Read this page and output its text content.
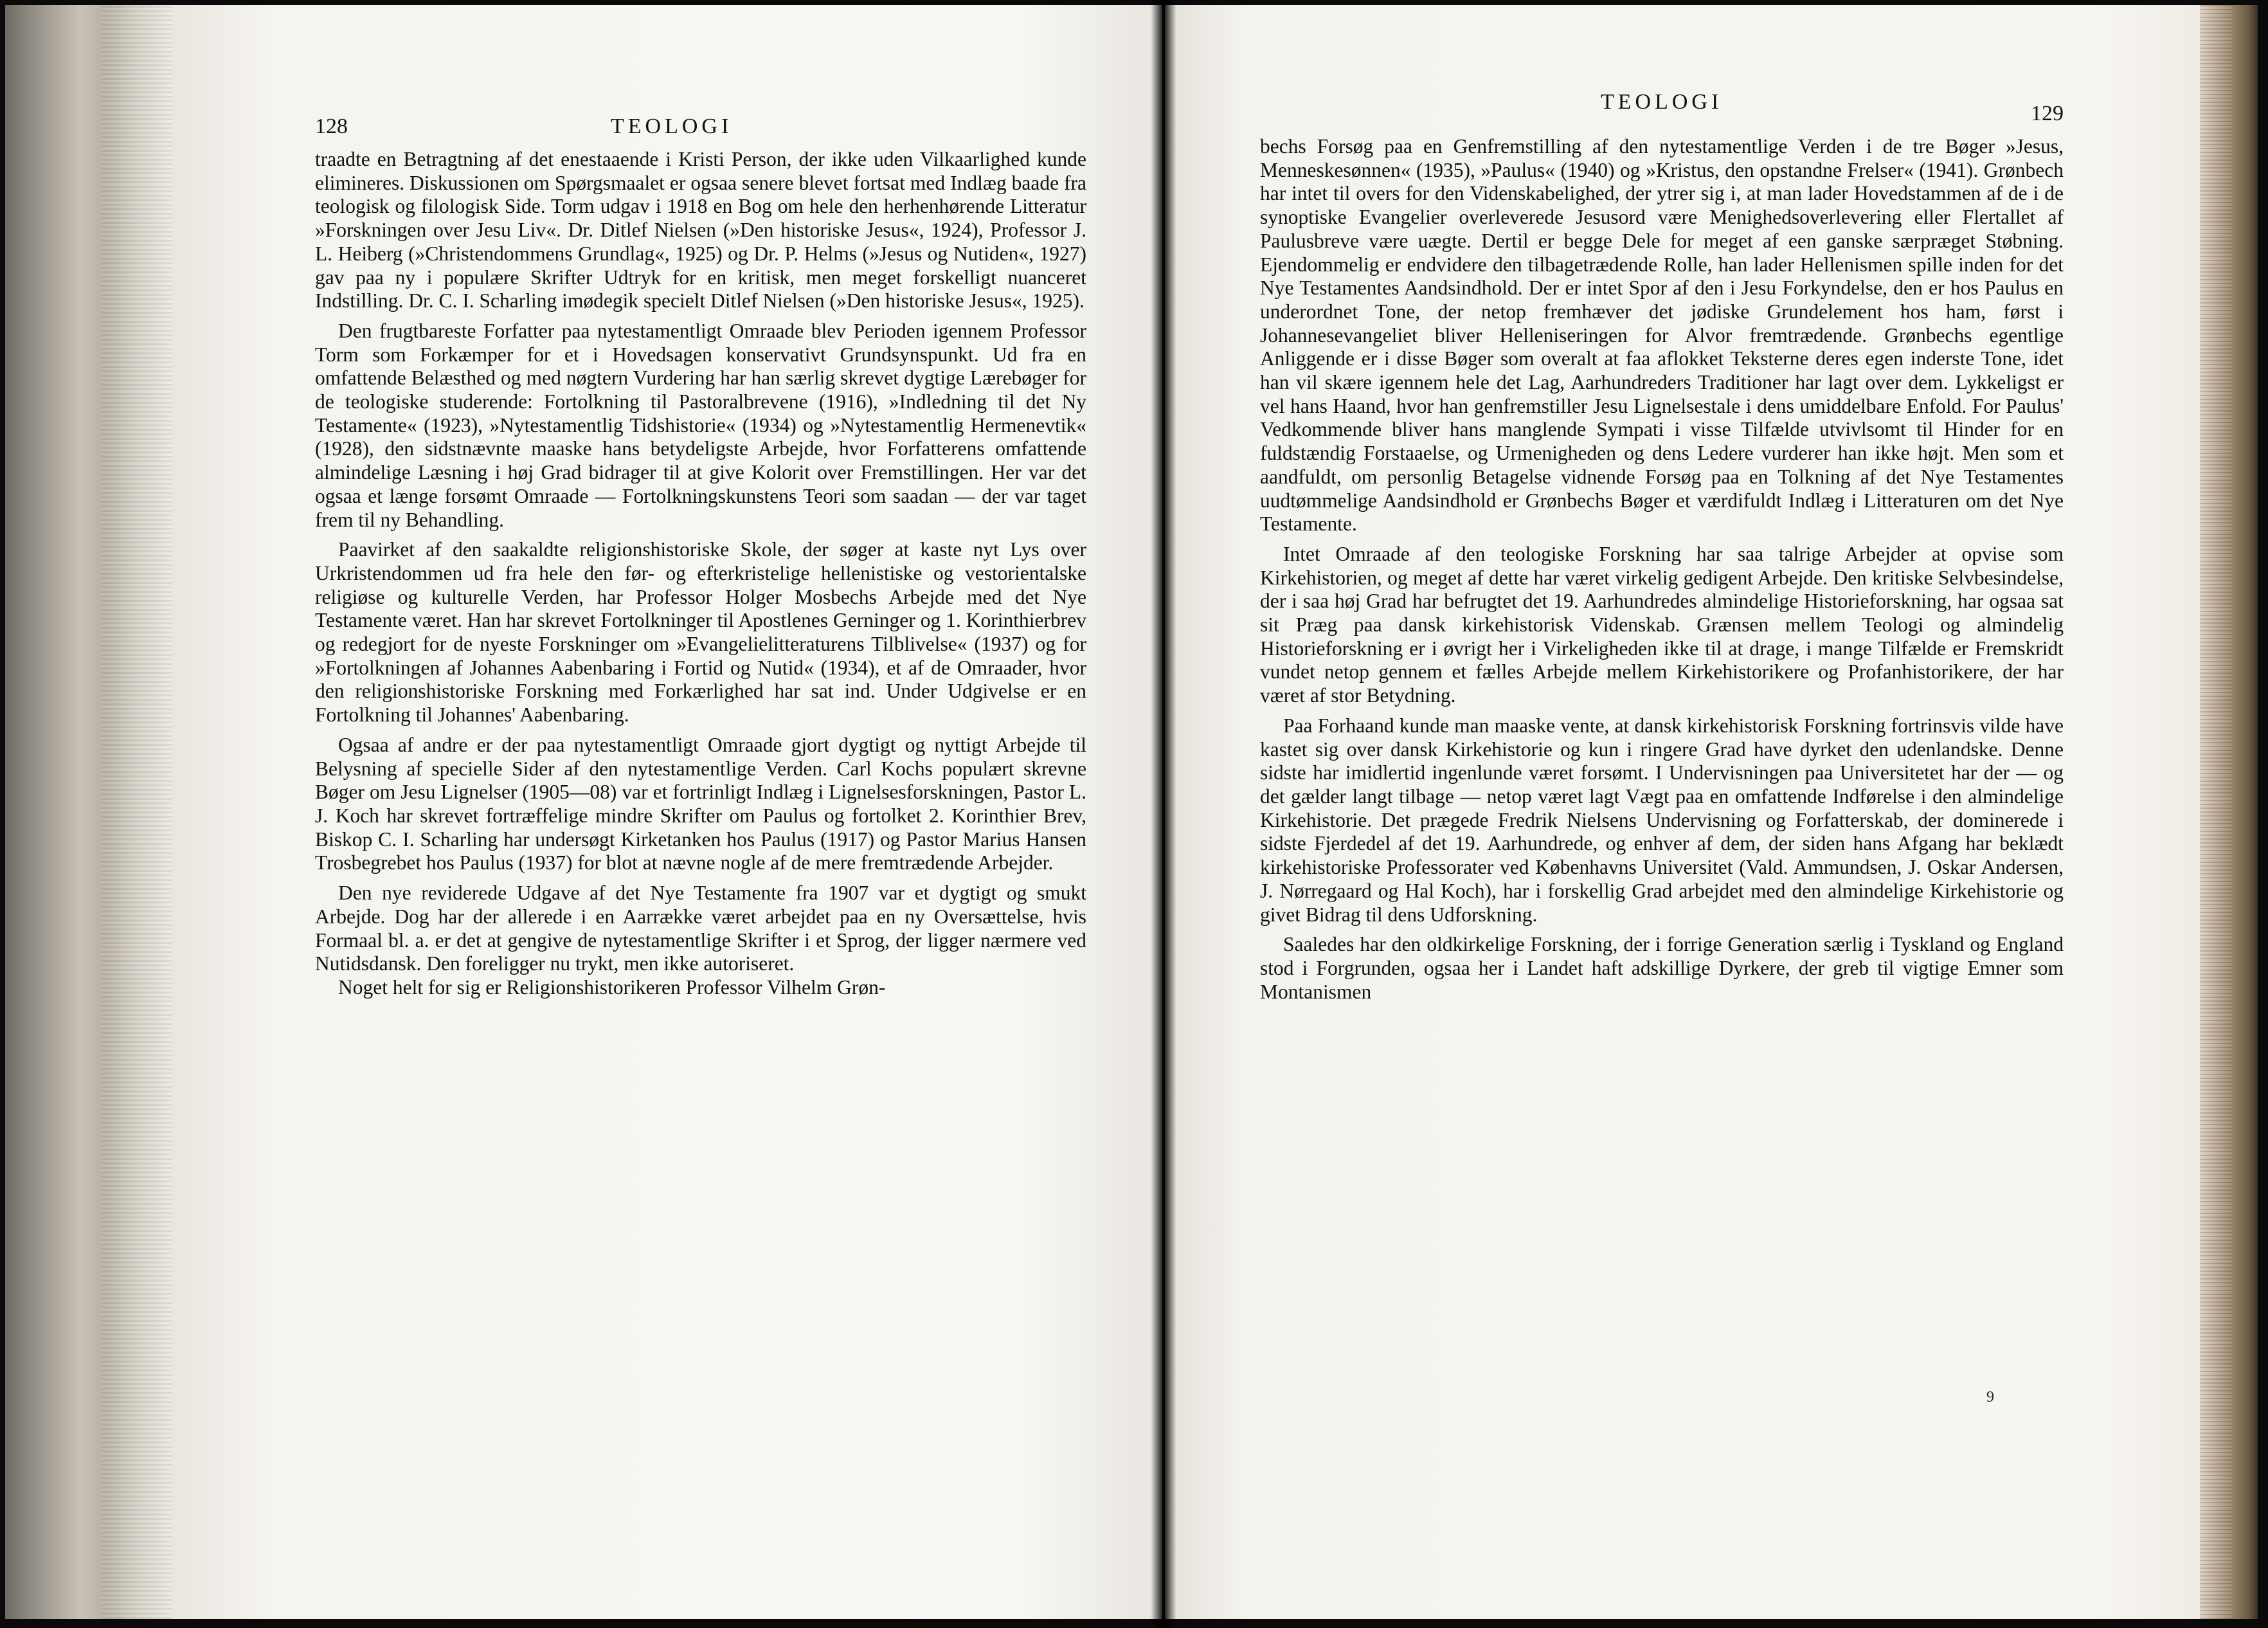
128	TEOLOGI

traadte en Betragtning af det enestaaende i Kristi Person, der ikke uden Vilkaarlighed kunde elimineres. Diskussionen om Spørgsmaalet er ogsaa senere blevet fortsat med Indlæg baade fra teologisk og filologisk Side. Torm udgav i 1918 en Bog om hele den herhenhørende Litteratur »Forskningen over Jesu Liv«. Dr. Ditlef Nielsen (»Den historiske Jesus«, 1924), Professor J. L. Heiberg (»Christendommens Grundlag«, 1925) og Dr. P. Helms (»Jesus og Nutiden«, 1927) gav paa ny i populære Skrifter Udtryk for en kritisk, men meget forskelligt nuanceret Indstilling. Dr. C. I. Scharling imødegik specielt Ditlef Nielsen (»Den historiske Jesus«, 1925).

Den frugtbareste Forfatter paa nytestamentligt Omraade blev Perioden igennem Professor Torm som Forkæmper for et i Hovedsagen konservativt Grundsynspunkt. Ud fra en omfattende Belæsthed og med nøgtern Vurdering har han særlig skrevet dygtige Lærebøger for de teologiske studerende: Fortolkning til Pastoralbrevene (1916), »Indledning til det Ny Testamente« (1923), »Nytestamentlig Tidshistorie« (1934) og »Nytestamentlig Hermenevtik« (1928), den sidstnævnte maaske hans betydeligste Arbejde, hvor Forfatterens omfattende almindelige Læsning i høj Grad bidrager til at give Kolorit over Fremstillingen. Her var det ogsaa et længe forsømt Omraade — Fortolkningskunstens Teori som saadan — der var taget frem til ny Behandling.

Paavirket af den saakaldte religionshistoriske Skole, der søger at kaste nyt Lys over Urkristendommen ud fra hele den før- og efterkristelige hellenistiske og vestorientalske religiøse og kulturelle Verden, har Professor Holger Mosbechs Arbejde med det Nye Testamente været. Han har skrevet Fortolkninger til Apostlenes Gerninger og 1. Korinthierbrev og redegjort for de nyeste Forskninger om »Evangelielitteraturens Tilblivelse« (1937) og for »Fortolkningen af Johannes Aabenbaring i Fortid og Nutid« (1934), et af de Omraader, hvor den religionshistoriske Forskning med Forkærlighed har sat ind. Under Udgivelse er en Fortolkning til Johannes' Aabenbaring.

Ogsaa af andre er der paa nytestamentligt Omraade gjort dygtigt og nyttigt Arbejde til Belysning af specielle Sider af den nytestamentlige Verden. Carl Kochs populært skrevne Bøger om Jesu Lignelser (1905—08) var et fortrinligt Indlæg i Lignelsesforskningen, Pastor L. J. Koch har skrevet fortræffelige mindre Skrifter om Paulus og fortolket 2. Korinthier Brev, Biskop C. I. Scharling har undersøgt Kirketanken hos Paulus (1917) og Pastor Marius Hansen Trosbegrebet hos Paulus (1937) for blot at nævne nogle af de mere fremtrædende Arbejder.

Den nye reviderede Udgave af det Nye Testamente fra 1907 var et dygtigt og smukt Arbejde. Dog har der allerede i en Aarrække været arbejdet paa en ny Oversættelse, hvis Formaal bl. a. er det at gengive de nytestamentlige Skrifter i et Sprog, der ligger nærmere ved Nutidsdansk. Den foreligger nu trykt, men ikke autoriseret.

Noget helt for sig er Religionshistorikeren Professor Vilhelm Grøn-

TEOLOGI	129

bechs Forsøg paa en Genfremstilling af den nytestamentlige Verden i de tre Bøger »Jesus, Menneskesønnen« (1935), »Paulus« (1940) og »Kristus, den opstandne Frelser« (1941). Grønbech har intet til overs for den Videnskabelighed, der ytrer sig i, at man lader Hovedstammen af de i de synoptiske Evangelier overleverede Jesusord være Menighedsoverlevering eller Flertallet af Paulusbreve være uægte. Dertil er begge Dele for meget af een ganske særpræget Støbning. Ejendommelig er endvidere den tilbagetrædende Rolle, han lader Hellenismen spille inden for det Nye Testamentes Aandsindhold. Der er intet Spor af den i Jesu Forkyndelse, den er hos Paulus en underordnet Tone, der netop fremhæver det jødiske Grundelement hos ham, først i Johannesevangeliet bliver Helleniseringen for Alvor fremtrædende. Grønbechs egentlige Anliggende er i disse Bøger som overalt at faa aflokket Teksterne deres egen inderste Tone, idet han vil skære igennem hele det Lag, Aarhundreders Traditioner har lagt over dem. Lykkeligst er vel hans Haand, hvor han genfremstiller Jesu Lignelsestale i dens umiddelbare Enfold. For Paulus' Vedkommende bliver hans manglende Sympati i visse Tilfælde utvivlsomt til Hinder for en fuldstændig Forstaaelse, og Urmenigheden og dens Ledere vurderer han ikke højt. Men som et aandfuldt, om personlig Betagelse vidnende Forsøg paa en Tolkning af det Nye Testamentes uudtømmelige Aandsindhold er Grønbechs Bøger et værdifuldt Indlæg i Litteraturen om det Nye Testamente.

Intet Omraade af den teologiske Forskning har saa talrige Arbejder at opvise som Kirkehistorien, og meget af dette har været virkelig gedigent Arbejde. Den kritiske Selvbesindelse, der i saa høj Grad har befrugtet det 19. Aarhundredes almindelige Historieforskning, har ogsaa sat sit Præg paa dansk kirkehistorisk Videnskab. Grænsen mellem Teologi og almindelig Historieforskning er i øvrigt her i Virkeligheden ikke til at drage, i mange Tilfælde er Fremskridt vundet netop gennem et fælles Arbejde mellem Kirkehistorikere og Profanhistorikere, der har været af stor Betydning.

Paa Forhaand kunde man maaske vente, at dansk kirkehistorisk Forskning fortrinsvis vilde have kastet sig over dansk Kirkehistorie og kun i ringere Grad have dyrket den udenlandske. Denne sidste har imidlertid ingenlunde været forsømt. I Undervisningen paa Universitetet har der — og det gælder langt tilbage — netop været lagt Vægt paa en omfattende Indførelse i den almindelige Kirkehistorie. Det prægede Fredrik Nielsens Undervisning og Forfatterskab, der dominerede i sidste Fjerdedel af det 19. Aarhundrede, og enhver af dem, der siden hans Afgang har beklædt kirkehistoriske Professorater ved Københavns Universitet (Vald. Ammundsen, J. Oskar Andersen, J. Nørregaard og Hal Koch), har i forskellig Grad arbejdet med den almindelige Kirkehistorie og givet Bidrag til dens Udforskning.

Saaledes har den oldkirkelige Forskning, der i forrige Generation særlig i Tyskland og England stod i Forgrunden, ogsaa her i Landet haft adskillige Dyrkere, der greb til vigtige Emner som Montanismen

9
